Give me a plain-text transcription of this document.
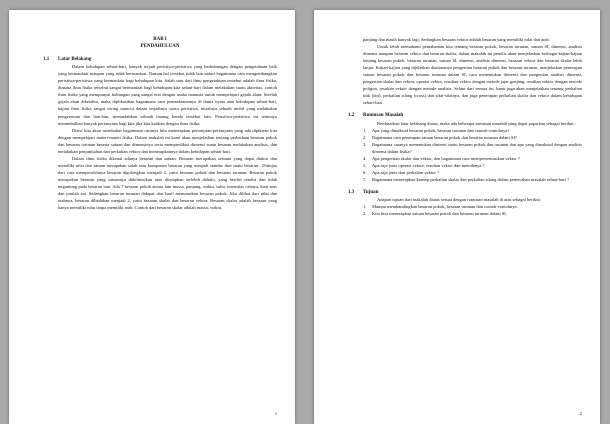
BAB I
PENDAHULUAN
1.1	Latar Belakang

Dalam kehidupan sehari-hari, banyak terjadi peristiwa-peristiwa yang berhubungan dengan pengetahuan baik yang bermanfaat maupun yang tidak bermanfaat. Namun hal tersebut tidak lain sadari bagaimana cara mengembangkan peristiwa-peristiwa yang bermanfaat bagi kehidupan kita. Salah satu dari ilmu pengetahuan tersebut adalah ilmu fisika, dimana ilmu fisika tersebut sangat bermanfaat bagi kehidupan kita sehari-hari dalam melakukan suatu aktivitas, contoh ilmu fisika yang mempunyai hubungan yang sangat erat dengan usaha manusia untuk mempelajari gejala alam. Setelah gejala alam diketahui, maka diplikasikan bagaimana cara pemanfaatannya di dunia nyata atau kehidupan sehari-hari, kajian ilmu fisika sangat sering muncul dalam terjadinya suatu peristiwa, misalnya sebuah mobil yang melakukan pengereman dan lain-lain, memudahkan sebuah barang benda tersebut lain. Peristiwa-peristiwa ini tentunya menimbulkan banyak pertanyaan bagi kita jika kita kaitkan dengan ilmu fisika.

Disisi kita akan membahas bagaimana caranya kita menerapkan pertanyaan-pertanyaan yang ada dipikiran kita dengan mempelajari materi-materi fisika. Dalam makalah ini kami akan menjelaskan tentang perbedaan besaran pokok dan besaran turunan beserta satuan dan dimensinya serta mempredikisi dimensi suatu besaran melakukan analisis, dan melakukan penjumlahan dan perkalian vektor dan menerapkannya dalam kehidupan sehari-hari.

Dalam ilmu fisika dikenal adanya besaran dan satuan. Besaran merupakan sesuatu yang dapat diukur dan memiliki nilai dan satuan merupakan salah satu komponen besaran yang menjadi standar dari suatu besaran . Ditinjau dari cara memperolehnya besaran digolongkan menjadi 2, yaitu besaran pokok dan besaran turunan. Besaran pokok merupakan besaran yang satuannya didefinisikan atau ditetapkan terlebih dahulu, yang berdiri sendiri dan tidak tergantung pada besaran lain. Ada 7 besaran pokok antara lain massa, panjang, waktu, suhu, intensitas cahaya, kuat arus dan jumlah zat. Sedangkan besaran turunan didapat dari hasil menurunkan besaran pokok. Jika dilihat dari nilai dan arahnya, besaran dibedakan menjadi 2, yaitu besaran skalar dan besaran vektor. Besaran skalar adalah besaran yang hanya memiliki nilai tanpa memiliki arah. Contoh dari besaran skalar adalah massa, waktu,

1

panjang dan masih banyak lagi. Sedangkan besaran vektor adalah besaran yang memiliki nilai dan arah.

Untuk lebih memahami pemahaman kita tentang besaran pokok, besaran turunan, satuan SI, dimensi, analisis dimensi maupun besaran vektor dan besaran skalar, dalam makalah ini penulis akan menjelaskan berbagai kajian-kajian tentang besaran pokok, besaran turunan, satuan SI, dimensi, analisis dimensi, besaran vektor dan besaran skalar lebih lanjut. Kajian-kajian yang dijelaskan diantaranya pengertian besaran pokok dan besaran turunan, menjelaskan penerapan satuan besaran pokok dan besaran turunan dalam SI, cara menentukan dimensi dan pengertian analisis dimensi, pengertian skalar dan vektor, operasi vektor, resultan vektor dengan metode jajar genjang, resultan vektor dengan metode poligon, resultan vektor dengan metode analisis. Selain dari semua itu, kami juga akan menjelaskan tentang perkalian titik (dot), perkalian silang (cross) dan sifat-sifatnya, dan juga penerapan perkalian skalar dan vektor dalam kehidupan sehari-hari.

1.2	Rumusan Masalah

Berdasarkan latar belakang diatas, maka ada beberapa rumusan masalah yang dapat paparkan sebagai berikut :

1.	Apa yang dimaksud besaran pokok, besaran turunan dan contoh-contohnya?
2.	Bagaimana cara penerapan satuan besaran pokok dan besaran turunan dalam SI?
3.	Bagaimana caranya menentukan dimensi suatu besaran pokok dan turunan dan apa yang dimaksud dengan analisis dimensi dalam fisika?
4.	Apa pengertian skalar dan vektor, dan bagaimana cara mempresentasikan vektor ?
5.	Apa saja jenis operasi vektor, resultan vektor dan metodenya ?
6.	Apa saja jenis dari perkalian vektor ?
7.	Bagaimana menerapkan konsep perkalian skalar dan perkalian silang dalam pemecahan masalah sehari-hari ?
1.3	Tujuan

Adapun tujuan dari makalah diatas sesuai dengan rumusan masalah di atas sebagai berikut:

1.	Mampu membandingkan besaran pokok, besaran turunan dan contoh-contohnya.
2.	Kita bisa menerapkan satuan besaran pokok dan besaran turunan dalam SI.
2
